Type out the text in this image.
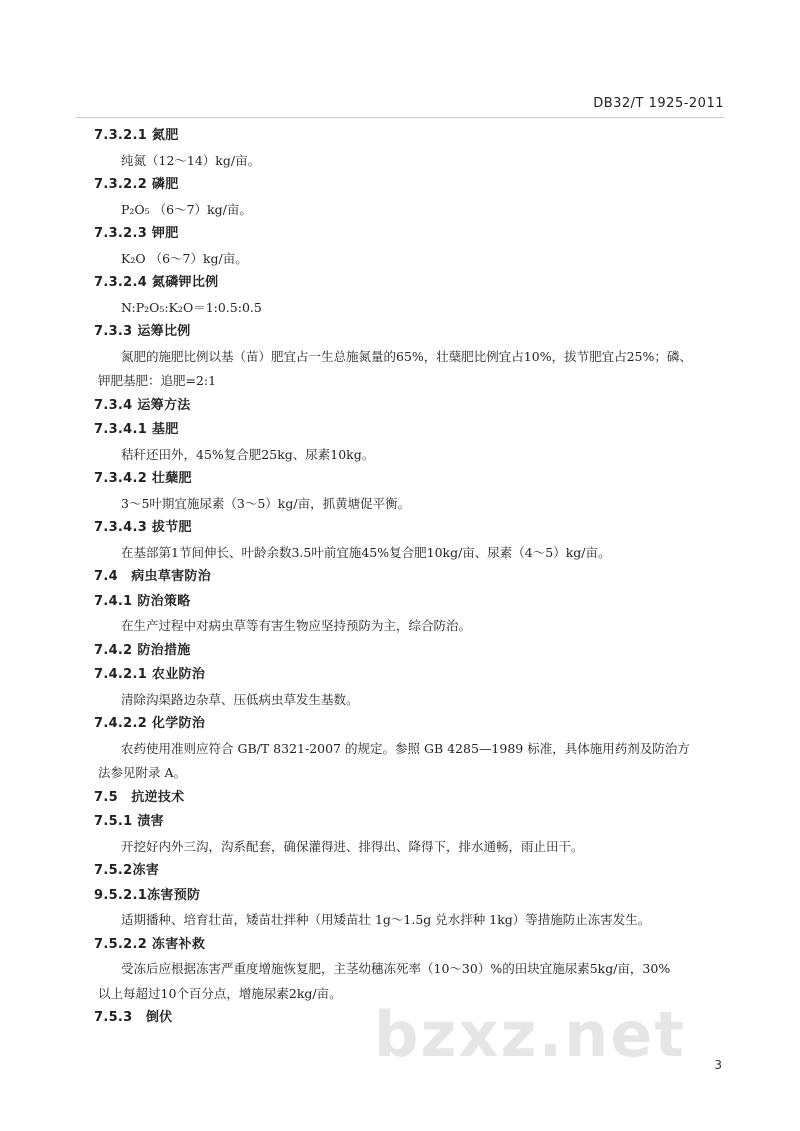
DB32/T 1925-2011
7.3.2.1 氮肥
纯氮（12～14）kg/亩。
7.3.2.2 磷肥
P₂O₅ （6～7）kg/亩。
7.3.2.3 钾肥
K₂O （6～7）kg/亩。
7.3.2.4 氮磷钾比例
N:P₂O₅:K₂O＝1:0.5:0.5
7.3.3 运筹比例
氮肥的施肥比例以基（苗）肥宜占一生总施氮量的65%，壮蘖肥比例宜占10%，拔节肥宜占25%；磷、
钾肥基肥：追肥=2:1
7.3.4 运筹方法
7.3.4.1 基肥
秸秆还田外，45%复合肥25kg、尿素10kg。
7.3.4.2 壮蘖肥
3～5叶期宜施尿素（3～5）kg/亩，抓黄塘促平衡。
7.3.4.3 拔节肥
在基部第1节间伸长、叶龄余数3.5叶前宜施45%复合肥10kg/亩、尿素（4～5）kg/亩。
7.4　病虫草害防治
7.4.1 防治策略
在生产过程中对病虫草等有害生物应坚持预防为主，综合防治。
7.4.2 防治措施
7.4.2.1 农业防治
清除沟渠路边杂草、压低病虫草发生基数。
7.4.2.2 化学防治
农药使用准则应符合 GB/T 8321-2007 的规定。参照 GB 4285—1989 标准，具体施用药剂及防治方
法参见附录 A。
7.5　抗逆技术
7.5.1 渍害
开挖好内外三沟，沟系配套，确保灌得进、排得出、降得下，排水通畅，雨止田干。
7.5.2冻害
9.5.2.1冻害预防
适期播种、培育壮苗，矮苗壮拌种（用矮苗壮 1g～1.5g 兑水拌种 1kg）等措施防止冻害发生。
7.5.2.2 冻害补救
受冻后应根据冻害严重度增施恢复肥，主茎幼穗冻死率（10～30）%的田块宜施尿素5kg/亩，30%
以上每超过10个百分点，增施尿素2kg/亩。
7.5.3　倒伏	bzxz.net 3
